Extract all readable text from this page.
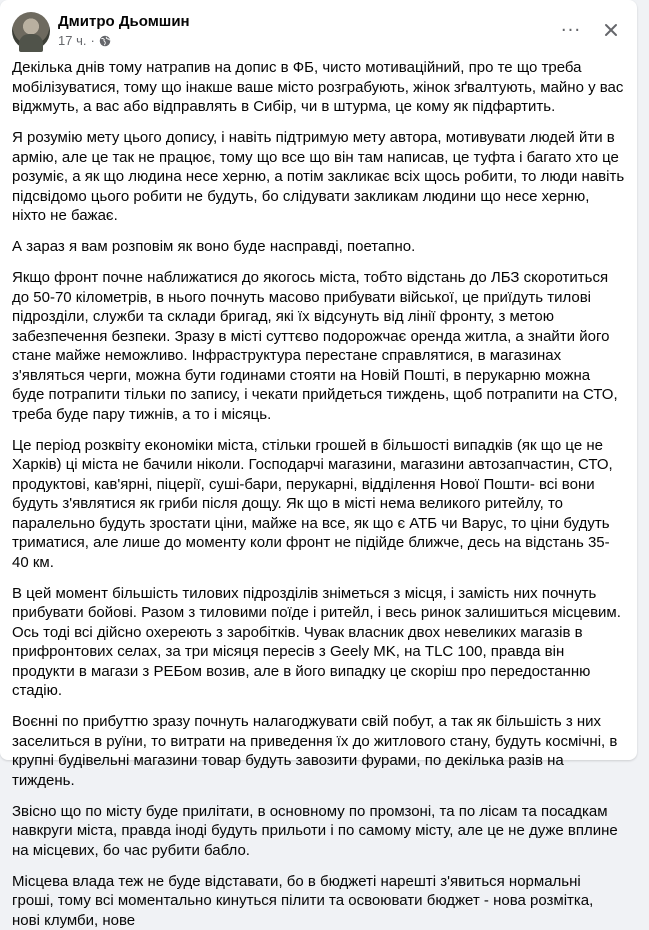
Дмитро Дьомшин
17 ч. ·	···

Декілька днів тому натрапив на допис в ФБ, чисто мотиваційний, про те що треба мобілізуватися, тому що інакше ваше місто розграбують, жінок зґвалтують, майно у вас віджмуть, а вас або відправлять в Сибір, чи в штурма, це кому як підфартить.

Я розумію мету цього допису, і навіть підтримую мету автора, мотивувати людей йти в армію, але це так не працює, тому що все що він там написав, це туфта і багато хто це розуміє, а як що людина несе херню, а потім закликає всіх щось робити, то люди навіть підсвідомо цього робити не будуть, бо слідувати закликам людини що несе херню, ніхто не бажає.

А зараз я вам розповім як воно буде насправді, поетапно.

Якщо фронт почне наближатися до якогось міста, тобто відстань до ЛБЗ скоротиться до 50-70 кілометрів, в нього почнуть масово прибувати війської, це приїдуть тилові підрозділи, служби та склади бригад, які їх відсунуть від лінії фронту, з метою забезпечення безпеки. Зразу в місті суттєво подорожчає оренда житла, а знайти його стане майже неможливо. Інфраструктура перестане справлятися, в магазинах з'являться черги, можна бути годинами стояти на Новій Пошті, в перукарню можна буде потрапити тільки по запису, і чекати прийдеться тиждень, щоб потрапити на СТО, треба буде пару тижнів, а то і місяць.

Це період розквіту економіки міста, стільки грошей в більшості випадків (як що це не Харків) ці міста не бачили ніколи. Господарчі магазини, магазини автозапчастин, СТО, продуктові, кав'ярні, піцерії, суші-бари, перукарні, відділення Нової Пошти- всі вони будуть з'являтися як гриби після дощу. Як що в місті нема великого ритейлу, то паралельно будуть зростати ціни, майже на все, як що є АТБ чи Варус, то ціни будуть триматися, але лише до моменту коли фронт не підійде ближче, десь на відстань 35-40 км.

В цей момент більшість тилових підрозділів зніметься з місця, і замість них почнуть прибувати бойові. Разом з тиловими поїде і ритейл, і весь ринок залишиться місцевим. Ось тоді всі дійсно охереють з заробітків. Чувак власник двох невеликих магазів в прифронтових селах, за три місяця пересів з Geely MK, на TLC 100, правда він продукти в магази з РЕБом возив, але в його випадку це скоріш про передостанню стадію.

Воєнні по прибуттю зразу почнуть налагоджувати свій побут, а так як більшість з них заселиться в руїни, то витрати на приведення їх до житлового стану, будуть космічні, в крупні будівельні магазини товар будуть завозити фурами, по декілька разів на тиждень.

Звісно що по місту буде прилітати, в основному по промзоні, та по лісам та посадкам навкруги міста, правда іноді будуть прильоти і по самому місту, але це не дуже вплине на місцевих, бо час рубити бабло.

Місцева влада теж не буде відставати, бо в бюджеті нарешті з'явиться нормальні гроші, тому всі моментально кинуться пілити та освоювати бюджет - нова розмітка, нові клумби, нове
